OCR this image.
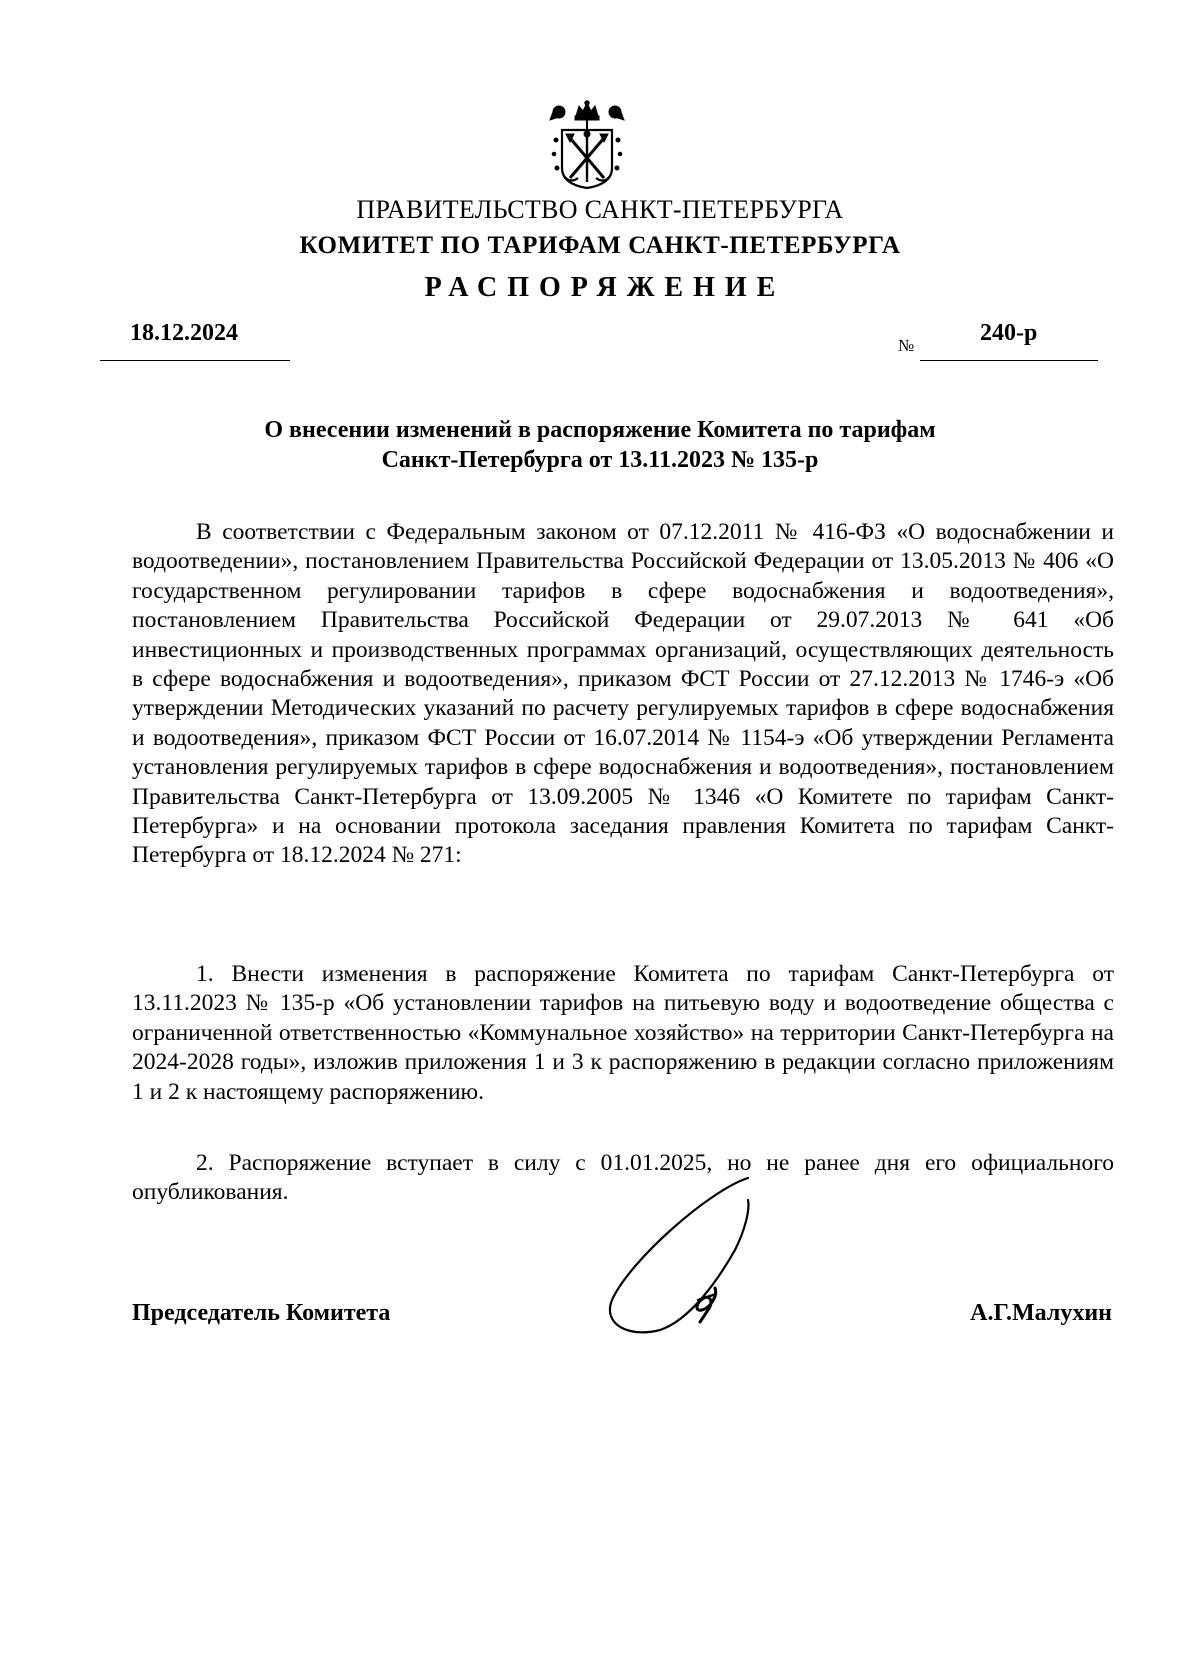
ПРАВИТЕЛЬСТВО САНКТ-ПЕТЕРБУРГА
КОМИТЕТ ПО ТАРИФАМ САНКТ-ПЕТЕРБУРГА
РАСПОРЯЖЕНИЕ
18.12.2024	№	240-р
О внесении изменений в распоряжение Комитета по тарифам
Санкт-Петербурга от 13.11.2023 № 135-р
В соответствии с Федеральным законом от 07.12.2011 № 416-ФЗ «О водоснабжении и водоотведении», постановлением Правительства Российской Федерации от 13.05.2013 № 406 «О государственном регулировании тарифов в сфере водоснабжения и водоотведения», постановлением Правительства Российской Федерации от 29.07.2013 № 641 «Об инвестиционных и производственных программах организаций, осуществляющих деятельность в сфере водоснабжения и водоотведения», приказом ФСТ России от 27.12.2013 № 1746-э «Об утверждении Методических указаний по расчету регулируемых тарифов в сфере водоснабжения и водоотведения», приказом ФСТ России от 16.07.2014 № 1154-э «Об утверждении Регламента установления регулируемых тарифов в сфере водоснабжения и водоотведения», постановлением Правительства Санкт-Петербурга от 13.09.2005 № 1346 «О Комитете по тарифам Санкт-Петербурга» и на основании протокола заседания правления Комитета по тарифам Санкт-Петербурга от 18.12.2024 № 271:
1. Внести изменения в распоряжение Комитета по тарифам Санкт-Петербурга от 13.11.2023 № 135-р «Об установлении тарифов на питьевую воду и водоотведение общества с ограниченной ответственностью «Коммунальное хозяйство» на территории Санкт-Петербурга на 2024-2028 годы», изложив приложения 1 и 3 к распоряжению в редакции согласно приложениям 1 и 2 к настоящему распоряжению.
2. Распоряжение вступает в силу с 01.01.2025, но не ранее дня его официального опубликования.
Председатель Комитета	А.Г.Малухин
